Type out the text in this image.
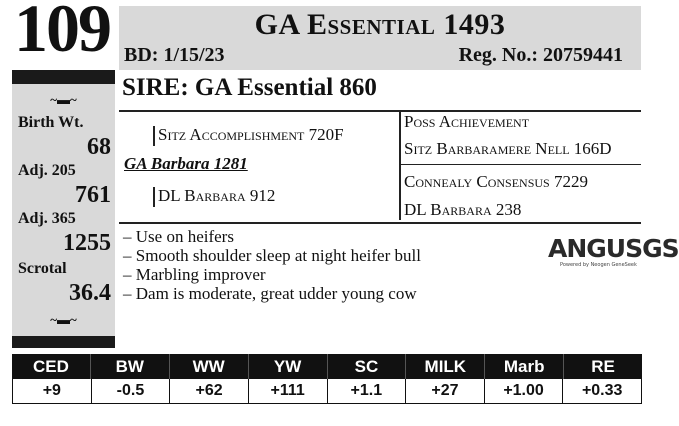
109	GA Essential 1493
BD: 1/15/23	Reg. No.: 20759441
~▬~
Birth Wt.
68
Adj. 205
761
Adj. 365
1255
Scrotal
36.4
~▬~
SIRE: GA Essential 860
Sitz Accomplishment 720F
GA Barbara 1281
DL Barbara 912
Poss Achievement
Sitz Barbaramere Nell 166D
Connealy Consensus 7229
DL Barbara 238
– Use on heifers
– Smooth shoulder sleep at night heifer bull
– Marbling improver
– Dam is moderate, great udder young cow
ANGUSGS
Powered by Neogen GeneSeek
CED	BW	WW	YW	SC	MILK	Marb	RE
+9	-0.5	+62	+111	+1.1	+27	+1.00	+0.33
